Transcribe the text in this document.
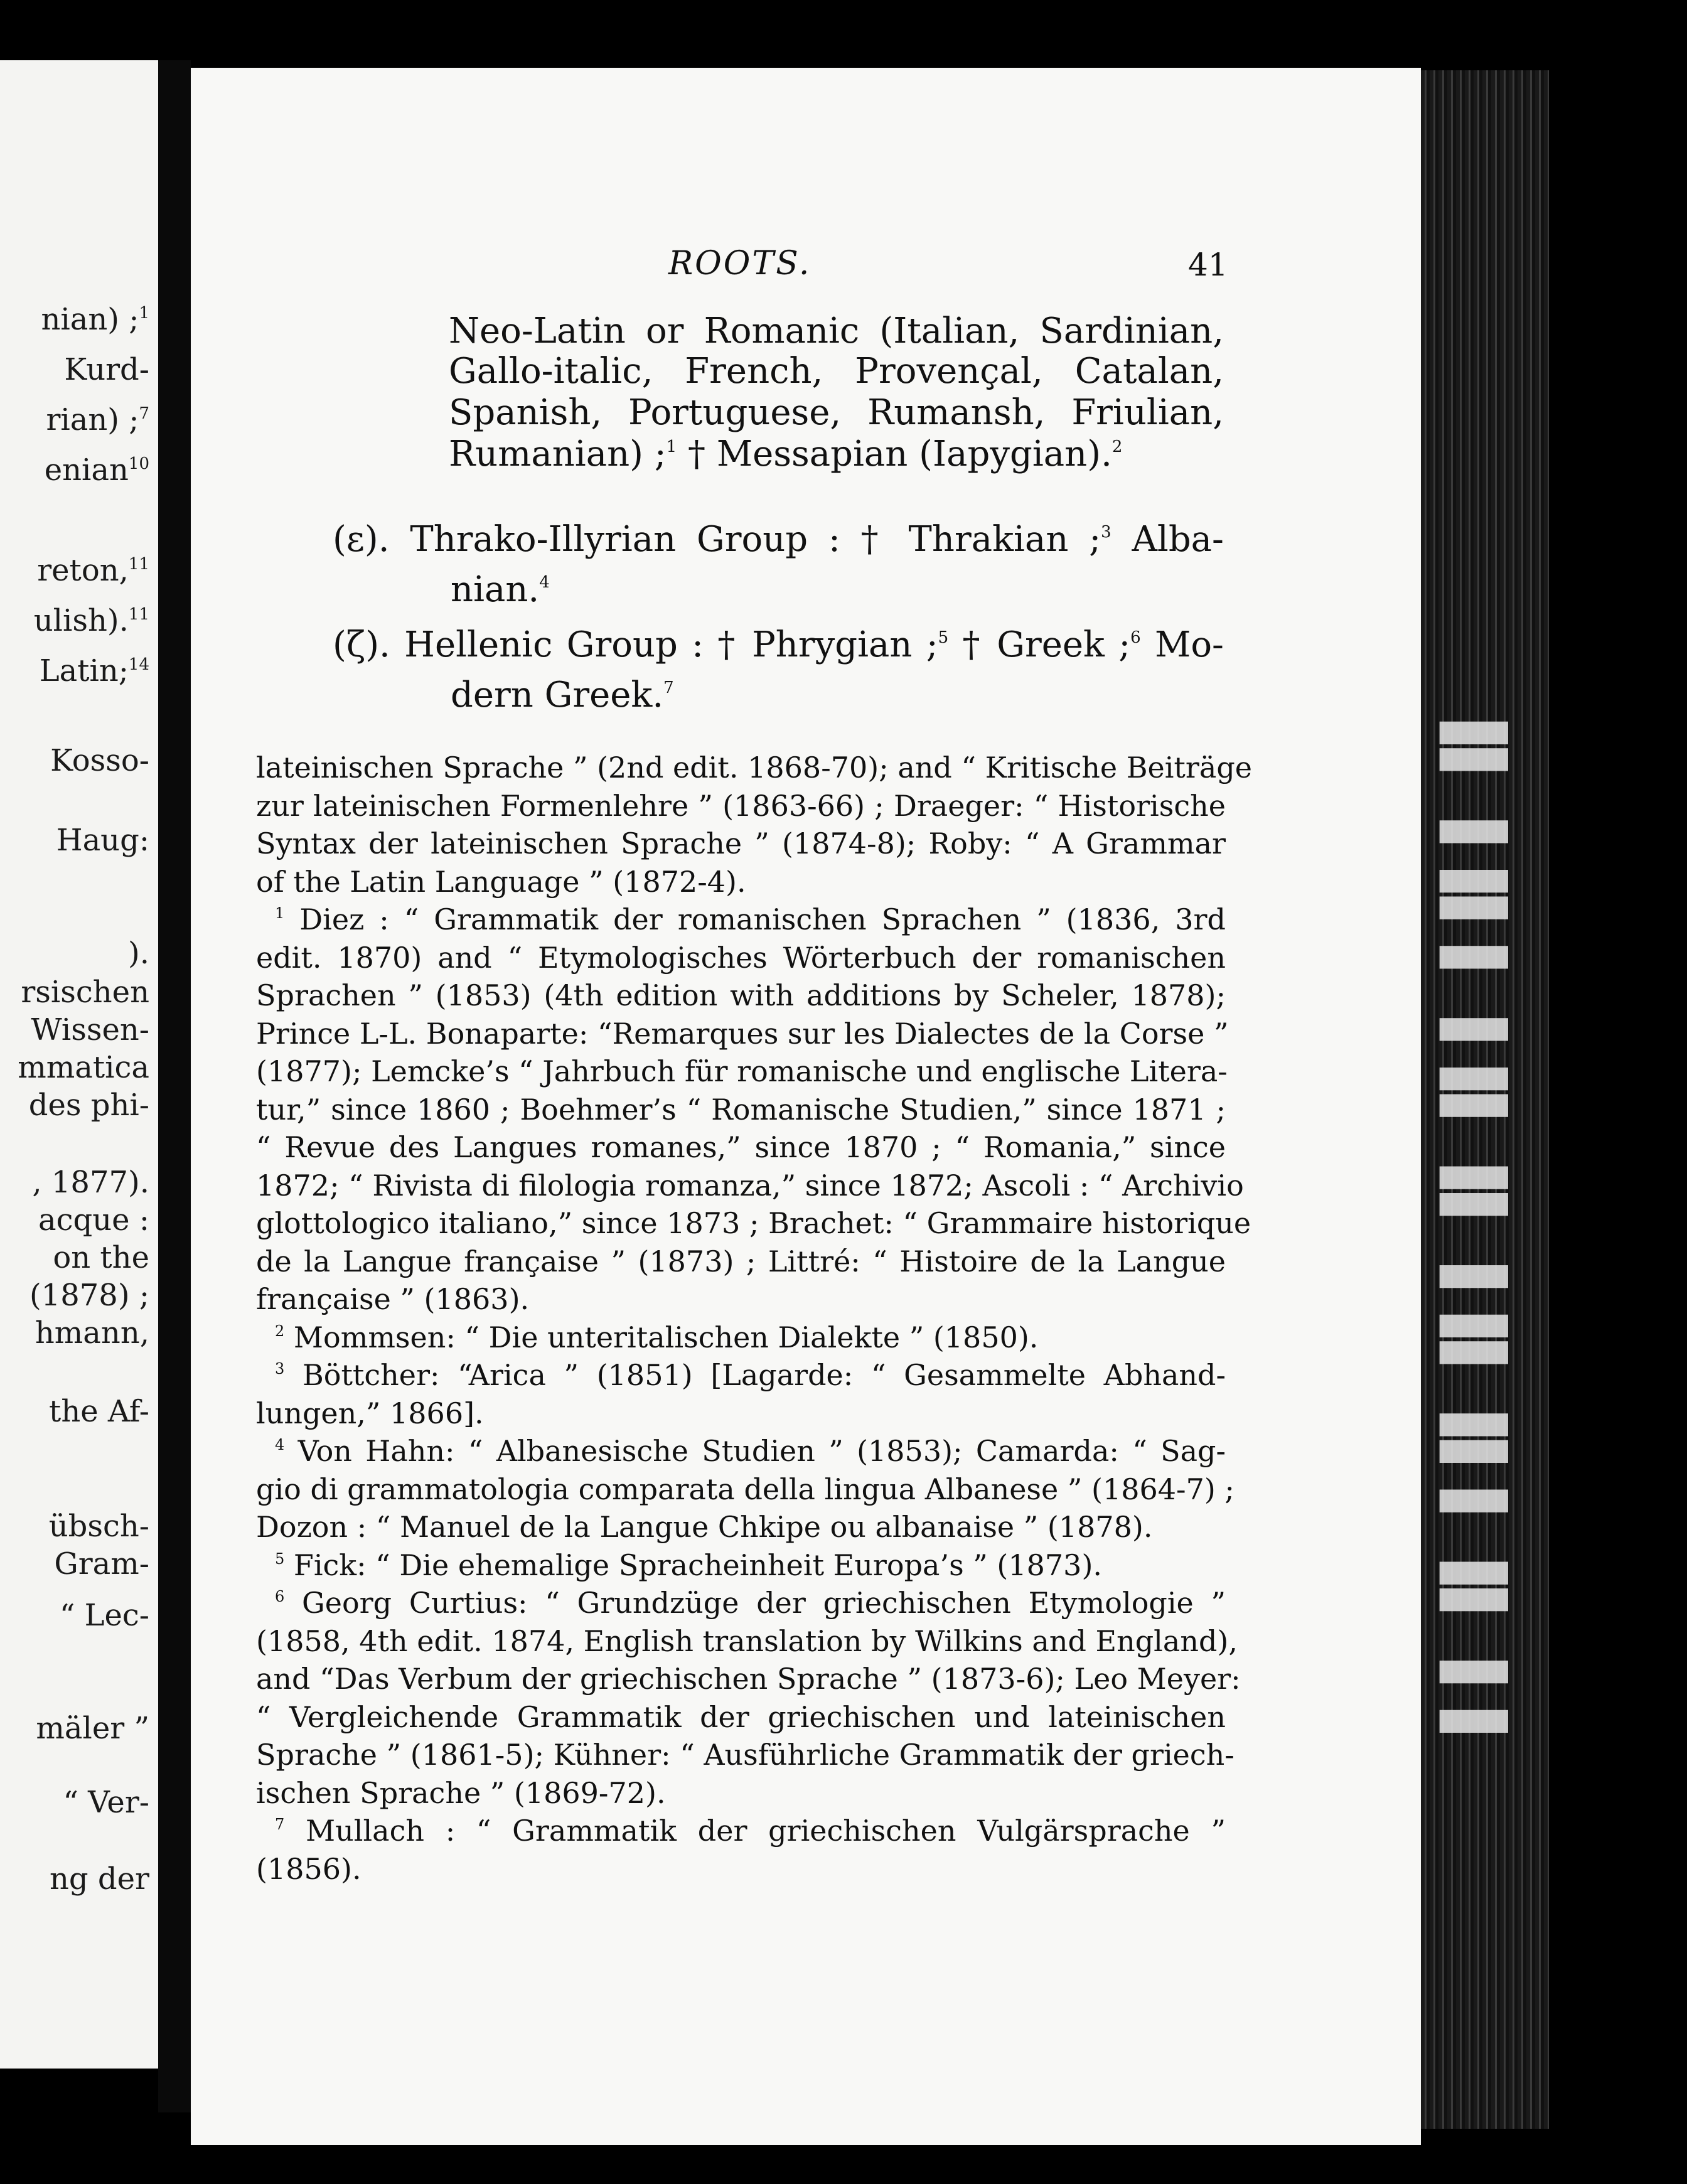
nian) ;$^1$
Kurd-
rian) ;$^7$
enian$^{10}$
reton,$^{11}$
ulish).$^{11}$
Latin;$^{14}$
Kosso-
Haug:
).
rsischen
Wissen-
mmatica
des phi-
, 1877).
acque :
on the
(1878) ;
hmann,
the Af-
übsch-
Gram-
“ Lec-
mäler ”
“ Ver-
ng der
▌▌▐▌▐▐▌▐▌▌▐▌▐▌▌▐▐▌▌▐▌
ROOTS.	41
Neo-Latin or Romanic (Italian, Sardinian,
Gallo-italic, French, Provençal, Catalan,
Spanish, Portuguese, Rumansh, Friulian,
Rumanian) ;$^1$ † Messapian (Iapygian).$^2$
(ε). Thrako-Illyrian Group : † Thrakian ;$^3$ Alba-
nian.$^4$
(ζ). Hellenic Group : † Phrygian ;$^5$ † Greek ;$^6$ Mo-
dern Greek.$^7$
lateinischen Sprache ” (2nd edit. 1868-70); and “ Kritische Beiträge
zur lateinischen Formenlehre ” (1863-66) ; Draeger: “ Historische
Syntax der lateinischen Sprache ” (1874-8); Roby: “ A Grammar
of the Latin Language ” (1872-4).
$^1$ Diez : “ Grammatik der romanischen Sprachen ” (1836, 3rd
edit. 1870) and “ Etymologisches Wörterbuch der romanischen
Sprachen ” (1853) (4th edition with additions by Scheler, 1878);
Prince L-L. Bonaparte: “Remarques sur les Dialectes de la Corse ”
(1877); Lemcke’s “ Jahrbuch für romanische und englische Litera-
tur,” since 1860 ; Boehmer’s “ Romanische Studien,” since 1871 ;
“ Revue des Langues romanes,” since 1870 ; “ Romania,” since
1872; “ Rivista di filologia romanza,” since 1872; Ascoli : “ Archivio
glottologico italiano,” since 1873 ; Brachet: “ Grammaire historique
de la Langue française ” (1873) ; Littré: “ Histoire de la Langue
française ” (1863).
$^2$ Mommsen: “ Die unteritalischen Dialekte ” (1850).
$^3$ Böttcher: “Arica ” (1851) [Lagarde: “ Gesammelte Abhand-
lungen,” 1866].
$^4$ Von Hahn: “ Albanesische Studien ” (1853); Camarda: “ Sag-
gio di grammatologia comparata della lingua Albanese ” (1864-7) ;
Dozon : “ Manuel de la Langue Chkipe ou albanaise ” (1878).
$^5$ Fick: “ Die ehemalige Spracheinheit Europa’s ” (1873).
$^6$ Georg Curtius: “ Grundzüge der griechischen Etymologie ”
(1858, 4th edit. 1874, English translation by Wilkins and England),
and “Das Verbum der griechischen Sprache ” (1873-6); Leo Meyer:
“ Vergleichende Grammatik der griechischen und lateinischen
Sprache ” (1861-5); Kühner: “ Ausführliche Grammatik der griech-
ischen Sprache ” (1869-72).
$^7$ Mullach : “ Grammatik der griechischen Vulgärsprache ”
(1856).
